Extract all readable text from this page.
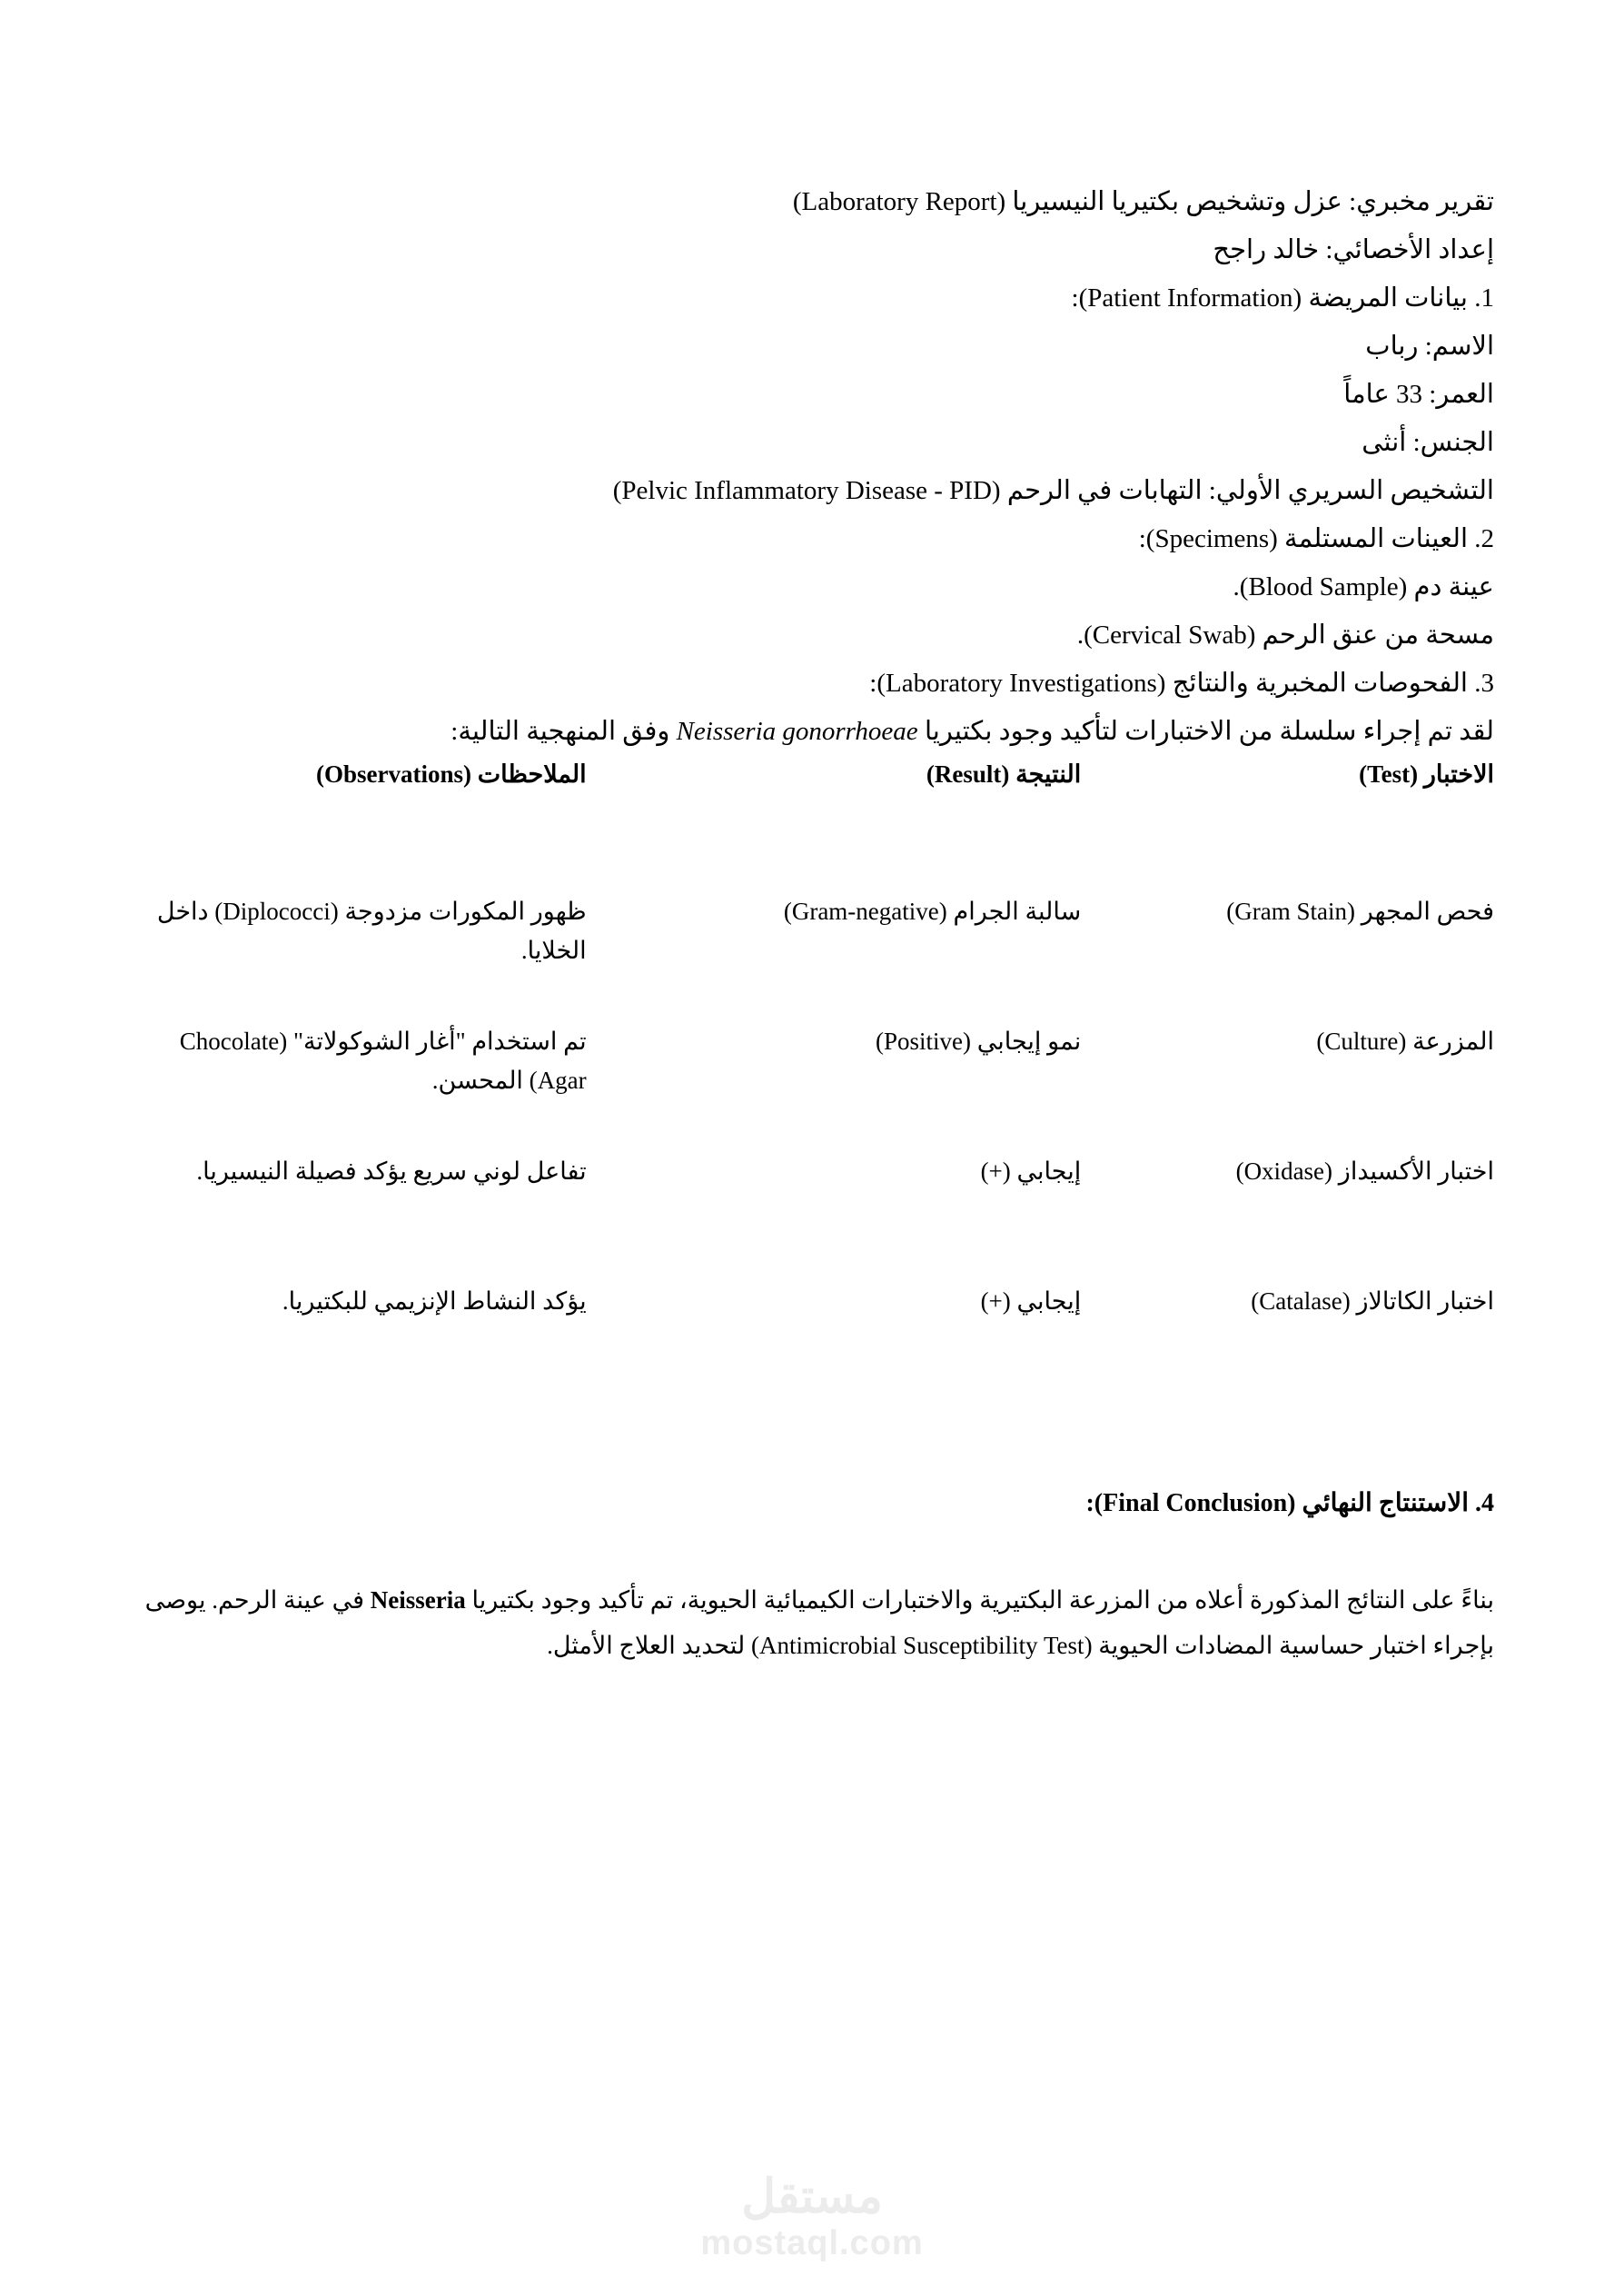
تقرير مخبري: عزل وتشخيص بكتيريا النيسيريا (Laboratory Report)
إعداد الأخصائي: خالد راجح
1. بيانات المريضة (Patient Information):
الاسم: رباب
العمر: 33 عاماً
الجنس: أنثى
التشخيص السريري الأولي: التهابات في الرحم (Pelvic Inflammatory Disease - PID)
2. العينات المستلمة (Specimens):
عينة دم (Blood Sample).
مسحة من عنق الرحم (Cervical Swab).
3. الفحوصات المخبرية والنتائج (Laboratory Investigations):
لقد تم إجراء سلسلة من الاختبارات لتأكيد وجود بكتيريا Neisseria gonorrhoeae وفق المنهجية التالية:
الاختبار (Test)	النتيجة (Result)	الملاحظات (Observations)
فحص المجهر (Gram Stain)	سالبة الجرام (Gram-negative)	ظهور المكورات مزدوجة (Diplococci) داخل الخلايا.
المزرعة (Culture)	نمو إيجابي (Positive)	تم استخدام "أغار الشوكولاتة" (Chocolate Agar) المحسن.
اختبار الأكسيداز (Oxidase)	إيجابي (+)	تفاعل لوني سريع يؤكد فصيلة النيسيريا.
اختبار الكاتالاز (Catalase)	إيجابي (+)	يؤكد النشاط الإنزيمي للبكتيريا.
4. الاستنتاج النهائي (Final Conclusion):
بناءً على النتائج المذكورة أعلاه من المزرعة البكتيرية والاختبارات الكيميائية الحيوية، تم تأكيد وجود بكتيريا Neisseria في عينة الرحم. يوصى بإجراء اختبار حساسية المضادات الحيوية (Antimicrobial Susceptibility Test) لتحديد العلاج الأمثل.
مستقل
mostaql.com
